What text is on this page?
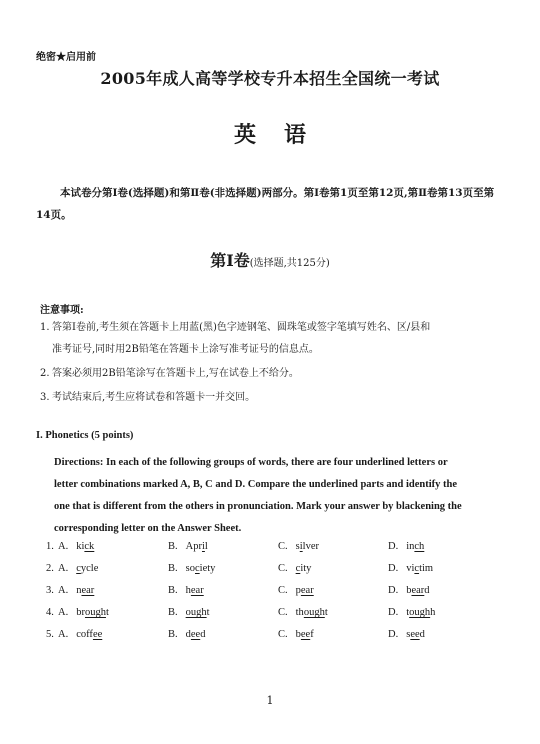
绝密★启用前
2005年成人高等学校专升本招生全国统一考试
英语
本试卷分第Ⅰ卷(选择题)和第Ⅱ卷(非选择题)两部分。第Ⅰ卷第1页至第12页,第Ⅱ卷第13页至第14页。
第Ⅰ卷(选择题,共125分)
注意事项:
1. 答第Ⅰ卷前,考生须在答题卡上用蓝(黑)色字迹钢笔、圆珠笔或签字笔填写姓名、区/县和
准考证号,同时用2B铅笔在答题卡上涂写准考证号的信息点。
2. 答案必须用2B铅笔涂写在答题卡上,写在试卷上不给分。
3. 考试结束后,考生应将试卷和答题卡一并交回。
I. Phonetics (5 points)
Directions: In each of the following groups of words, there are four underlined letters or
letter combinations marked A, B, C and D. Compare the underlined parts and identify the
one that is different from the others in pronunciation. Mark your answer by blackening the
corresponding letter on the Answer Sheet.
1. A. kick	B. April	C. silver	D. inch
2. A. cycle	B. society	C. city	D. victim
3. A. near	B. hear	C. pear	D. beard
4. A. brought	B. ought	C. thought	D. toughh
5. A. coffee	B. deed	C. beef	D. seed
1
